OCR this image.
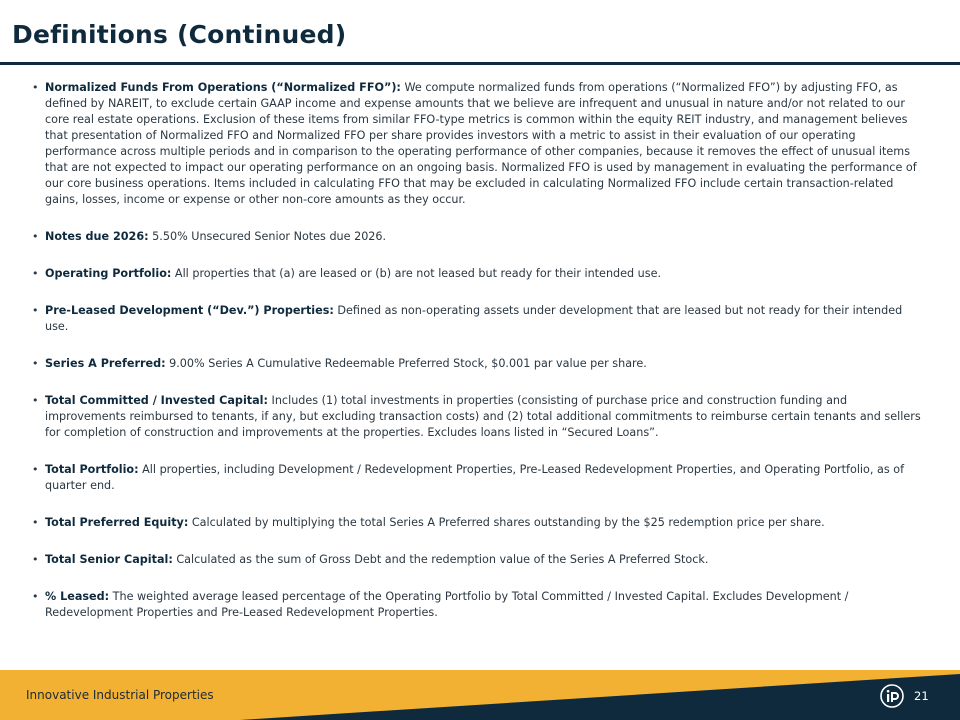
Definitions (Continued)
• Normalized Funds From Operations (“Normalized FFO”): We compute normalized funds from operations (“Normalized FFO”) by adjusting FFO, as defined by NAREIT, to exclude certain GAAP income and expense amounts that we believe are infrequent and unusual in nature and/or not related to our core real estate operations. Exclusion of these items from similar FFO-type metrics is common within the equity REIT industry, and management believes that presentation of Normalized FFO and Normalized FFO per share provides investors with a metric to assist in their evaluation of our operating performance across multiple periods and in comparison to the operating performance of other companies, because it removes the effect of unusual items that are not expected to impact our operating performance on an ongoing basis. Normalized FFO is used by management in evaluating the performance of our core business operations. Items included in calculating FFO that may be excluded in calculating Normalized FFO include certain transaction-related gains, losses, income or expense or other non-core amounts as they occur.
• Notes due 2026: 5.50% Unsecured Senior Notes due 2026.
• Operating Portfolio: All properties that (a) are leased or (b) are not leased but ready for their intended use.
• Pre-Leased Development (“Dev.”) Properties: Defined as non-operating assets under development that are leased but not ready for their intended use.
• Series A Preferred: 9.00% Series A Cumulative Redeemable Preferred Stock, $0.001 par value per share.
• Total Committed / Invested Capital: Includes (1) total investments in properties (consisting of purchase price and construction funding and improvements reimbursed to tenants, if any, but excluding transaction costs) and (2) total additional commitments to reimburse certain tenants and sellers for completion of construction and improvements at the properties. Excludes loans listed in “Secured Loans”.
• Total Portfolio: All properties, including Development / Redevelopment Properties, Pre-Leased Redevelopment Properties, and Operating Portfolio, as of quarter end.
• Total Preferred Equity: Calculated by multiplying the total Series A Preferred shares outstanding by the $25 redemption price per share.
• Total Senior Capital: Calculated as the sum of Gross Debt and the redemption value of the Series A Preferred Stock.
• % Leased: The weighted average leased percentage of the Operating Portfolio by Total Committed / Invested Capital. Excludes Development / Redevelopment Properties and Pre-Leased Redevelopment Properties.
Innovative Industrial Properties	21
